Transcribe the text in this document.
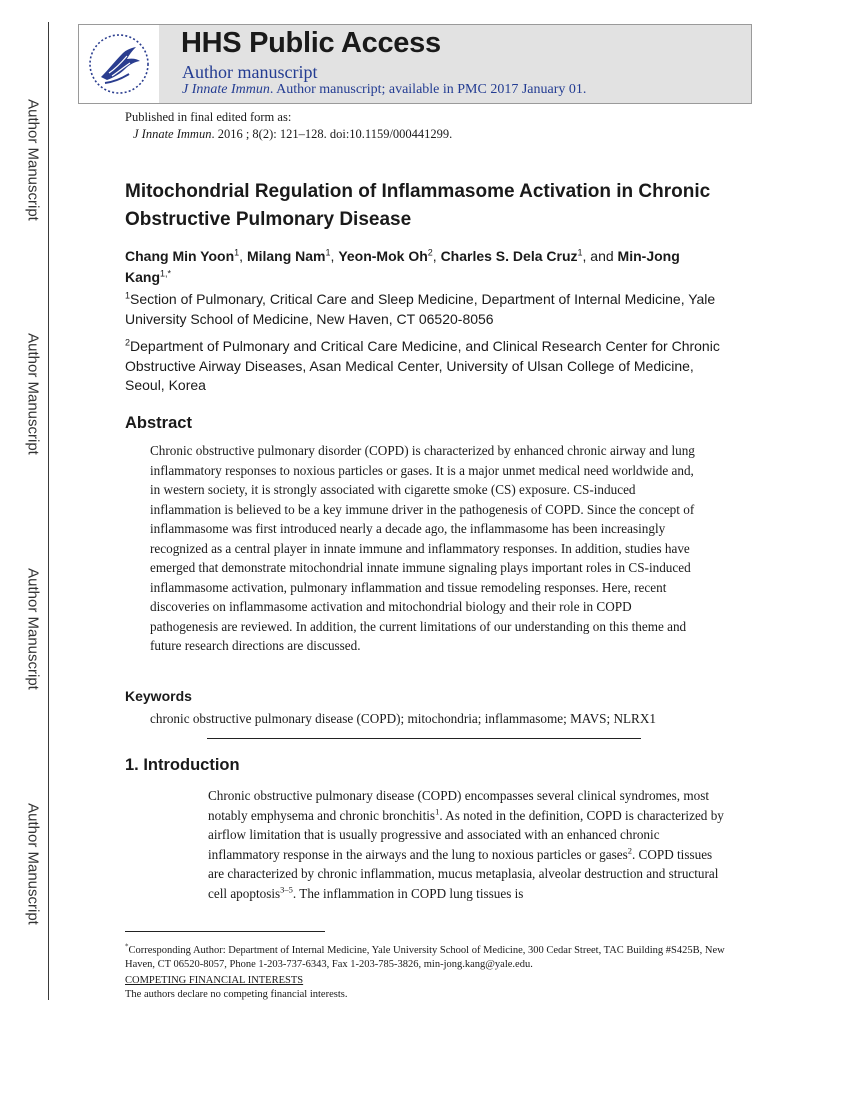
Author Manuscript
Author Manuscript
Author Manuscript
Author Manuscript
HHS Public Access
Author manuscript
J Innate Immun. Author manuscript; available in PMC 2017 January 01.
Published in final edited form as:
J Innate Immun. 2016 ; 8(2): 121–128. doi:10.1159/000441299.
Mitochondrial Regulation of Inflammasome Activation in Chronic Obstructive Pulmonary Disease
Chang Min Yoon$^1$, Milang Nam$^1$, Yeon-Mok Oh$^2$, Charles S. Dela Cruz$^1$, and Min-Jong Kang$^{1,*}$
$^1$Section of Pulmonary, Critical Care and Sleep Medicine, Department of Internal Medicine, Yale University School of Medicine, New Haven, CT 06520-8056
$^2$Department of Pulmonary and Critical Care Medicine, and Clinical Research Center for Chronic Obstructive Airway Diseases, Asan Medical Center, University of Ulsan College of Medicine, Seoul, Korea
Abstract
Chronic obstructive pulmonary disorder (COPD) is characterized by enhanced chronic airway and lung inflammatory responses to noxious particles or gases. It is a major unmet medical need worldwide and, in western society, it is strongly associated with cigarette smoke (CS) exposure. CS-induced inflammation is believed to be a key immune driver in the pathogenesis of COPD. Since the concept of inflammasome was first introduced nearly a decade ago, the inflammasome has been increasingly recognized as a central player in innate immune and inflammatory responses. In addition, studies have emerged that demonstrate mitochondrial innate immune signaling plays important roles in CS-induced inflammasome activation, pulmonary inflammation and tissue remodeling responses. Here, recent discoveries on inflammasome activation and mitochondrial biology and their role in COPD pathogenesis are reviewed. In addition, the current limitations of our understanding on this theme and future research directions are discussed.
Keywords
chronic obstructive pulmonary disease (COPD); mitochondria; inflammasome; MAVS; NLRX1
1. Introduction
Chronic obstructive pulmonary disease (COPD) encompasses several clinical syndromes, most notably emphysema and chronic bronchitis$^1$. As noted in the definition, COPD is characterized by airflow limitation that is usually progressive and associated with an enhanced chronic inflammatory response in the airways and the lung to noxious particles or gases$^2$. COPD tissues are characterized by chronic inflammation, mucus metaplasia, alveolar destruction and structural cell apoptosis$^{3-5}$. The inflammation in COPD lung tissues is
*Corresponding Author: Department of Internal Medicine, Yale University School of Medicine, 300 Cedar Street, TAC Building #S425B, New Haven, CT 06520-8057, Phone 1-203-737-6343, Fax 1-203-785-3826, min-jong.kang@yale.edu.
COMPETING FINANCIAL INTERESTS
The authors declare no competing financial interests.
